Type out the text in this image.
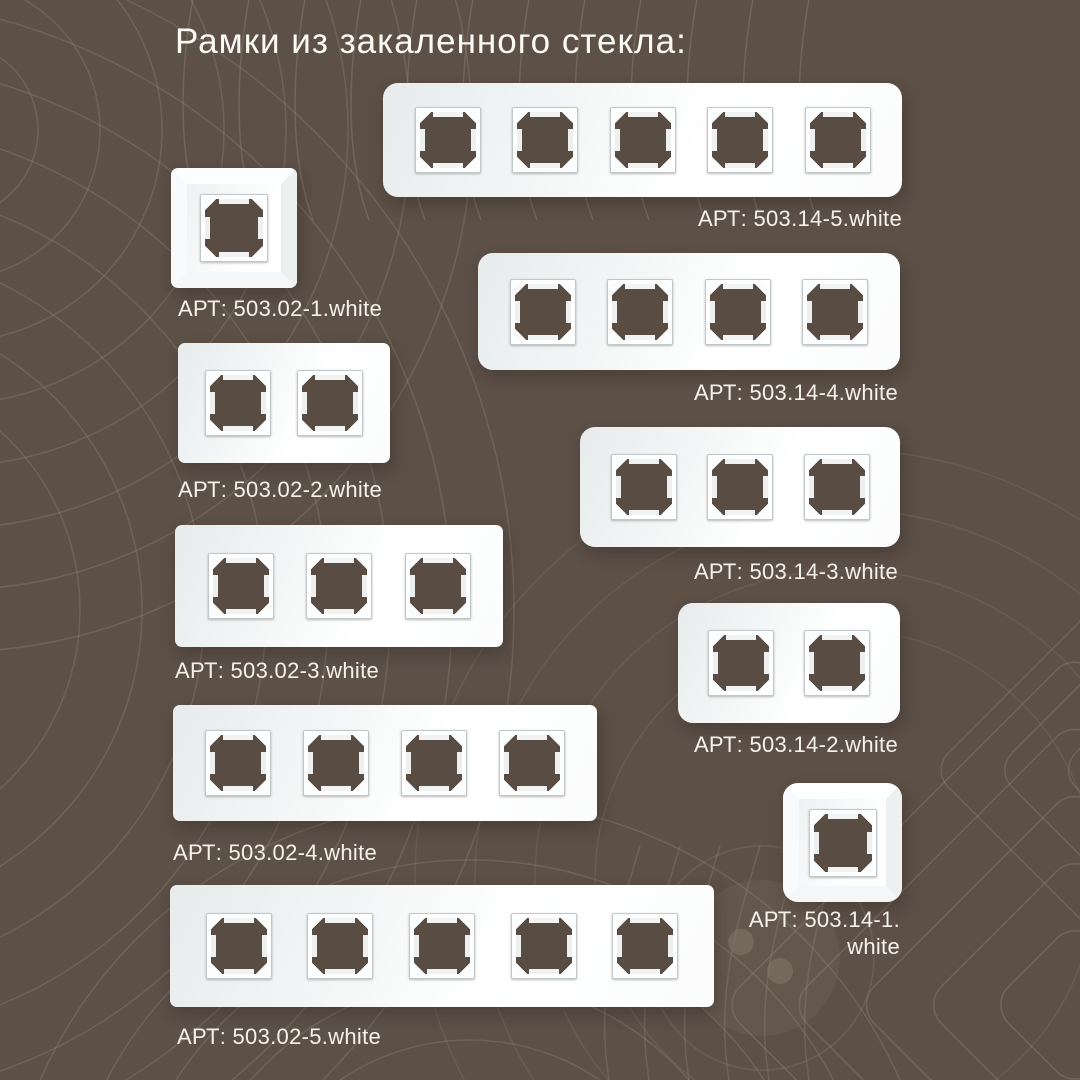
Рамки из закаленного стекла:
АРТ: 503.02-1.white
АРТ: 503.02-2.white
АРТ: 503.02-3.white
АРТ: 503.02-4.white
АРТ: 503.02-5.white
АРТ: 503.14-5.white
АРТ: 503.14-4.white
АРТ: 503.14-3.white
АРТ: 503.14-2.white
АРТ: 503.14-1.
white
